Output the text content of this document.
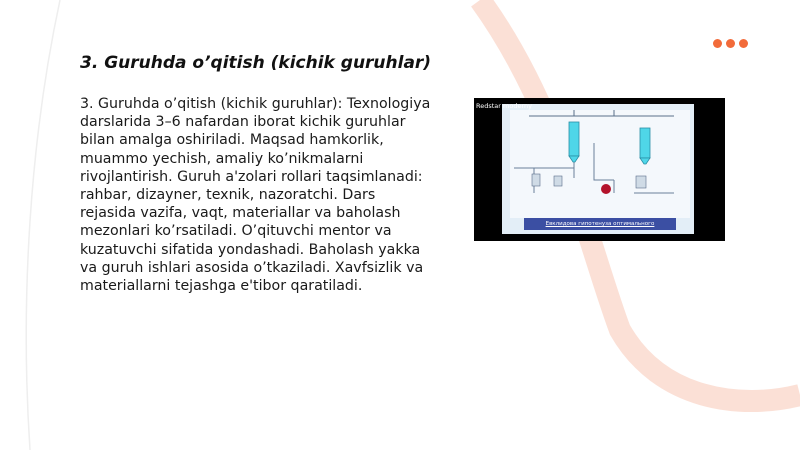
3. Guruhda o’qitish (kichik guruhlar)
3. Guruhda o’qitish (kichik guruhlar): Texnologiya darslarida 3–6 nafardan iborat kichik guruhlar bilan amalga oshiriladi. Maqsad hamkorlik, muammo yechish, amaliy ko’nikmalarni rivojlantirish. Guruh a'zolari rollari taqsimlanadi: rahbar, dizayner, texnik, nazoratchi. Dars rejasida vazifa, vaqt, materiallar va baholash mezonlari ko’rsatiladi. O’qituvchi mentor va kuzatuvchi sifatida yondashadi. Baholash yakka va guruh ishlari asosida o’tkaziladi. Xavfsizlik va materiallarni tejashga e'tibor qaratiladi.
Redstar moderny
Евклидова гипотенуза оптимального
